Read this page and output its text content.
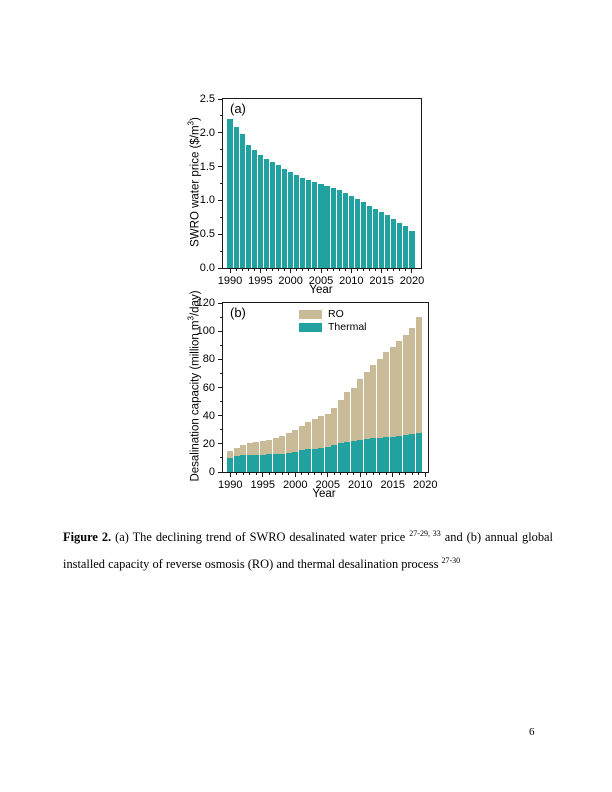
SWRO water price $(\$/m^3)$
(a)
0.0
0.5
1.0
1.5
2.0
2.5
1990 1995 2000 2005 2010 2015 2020
Year
Desalination capacity (million $m^3/day$) (b)	RO
Thermal
0
20
40
60
80
100
120
1990 1995 2000 2005 2010 2015 2020
Year

Figure 2. (a) The declining trend of SWRO desalinated water price $^{27-29, 33}$ and (b) annual global installed capacity of reverse osmosis (RO) and thermal desalination process $^{27-30}$

6
